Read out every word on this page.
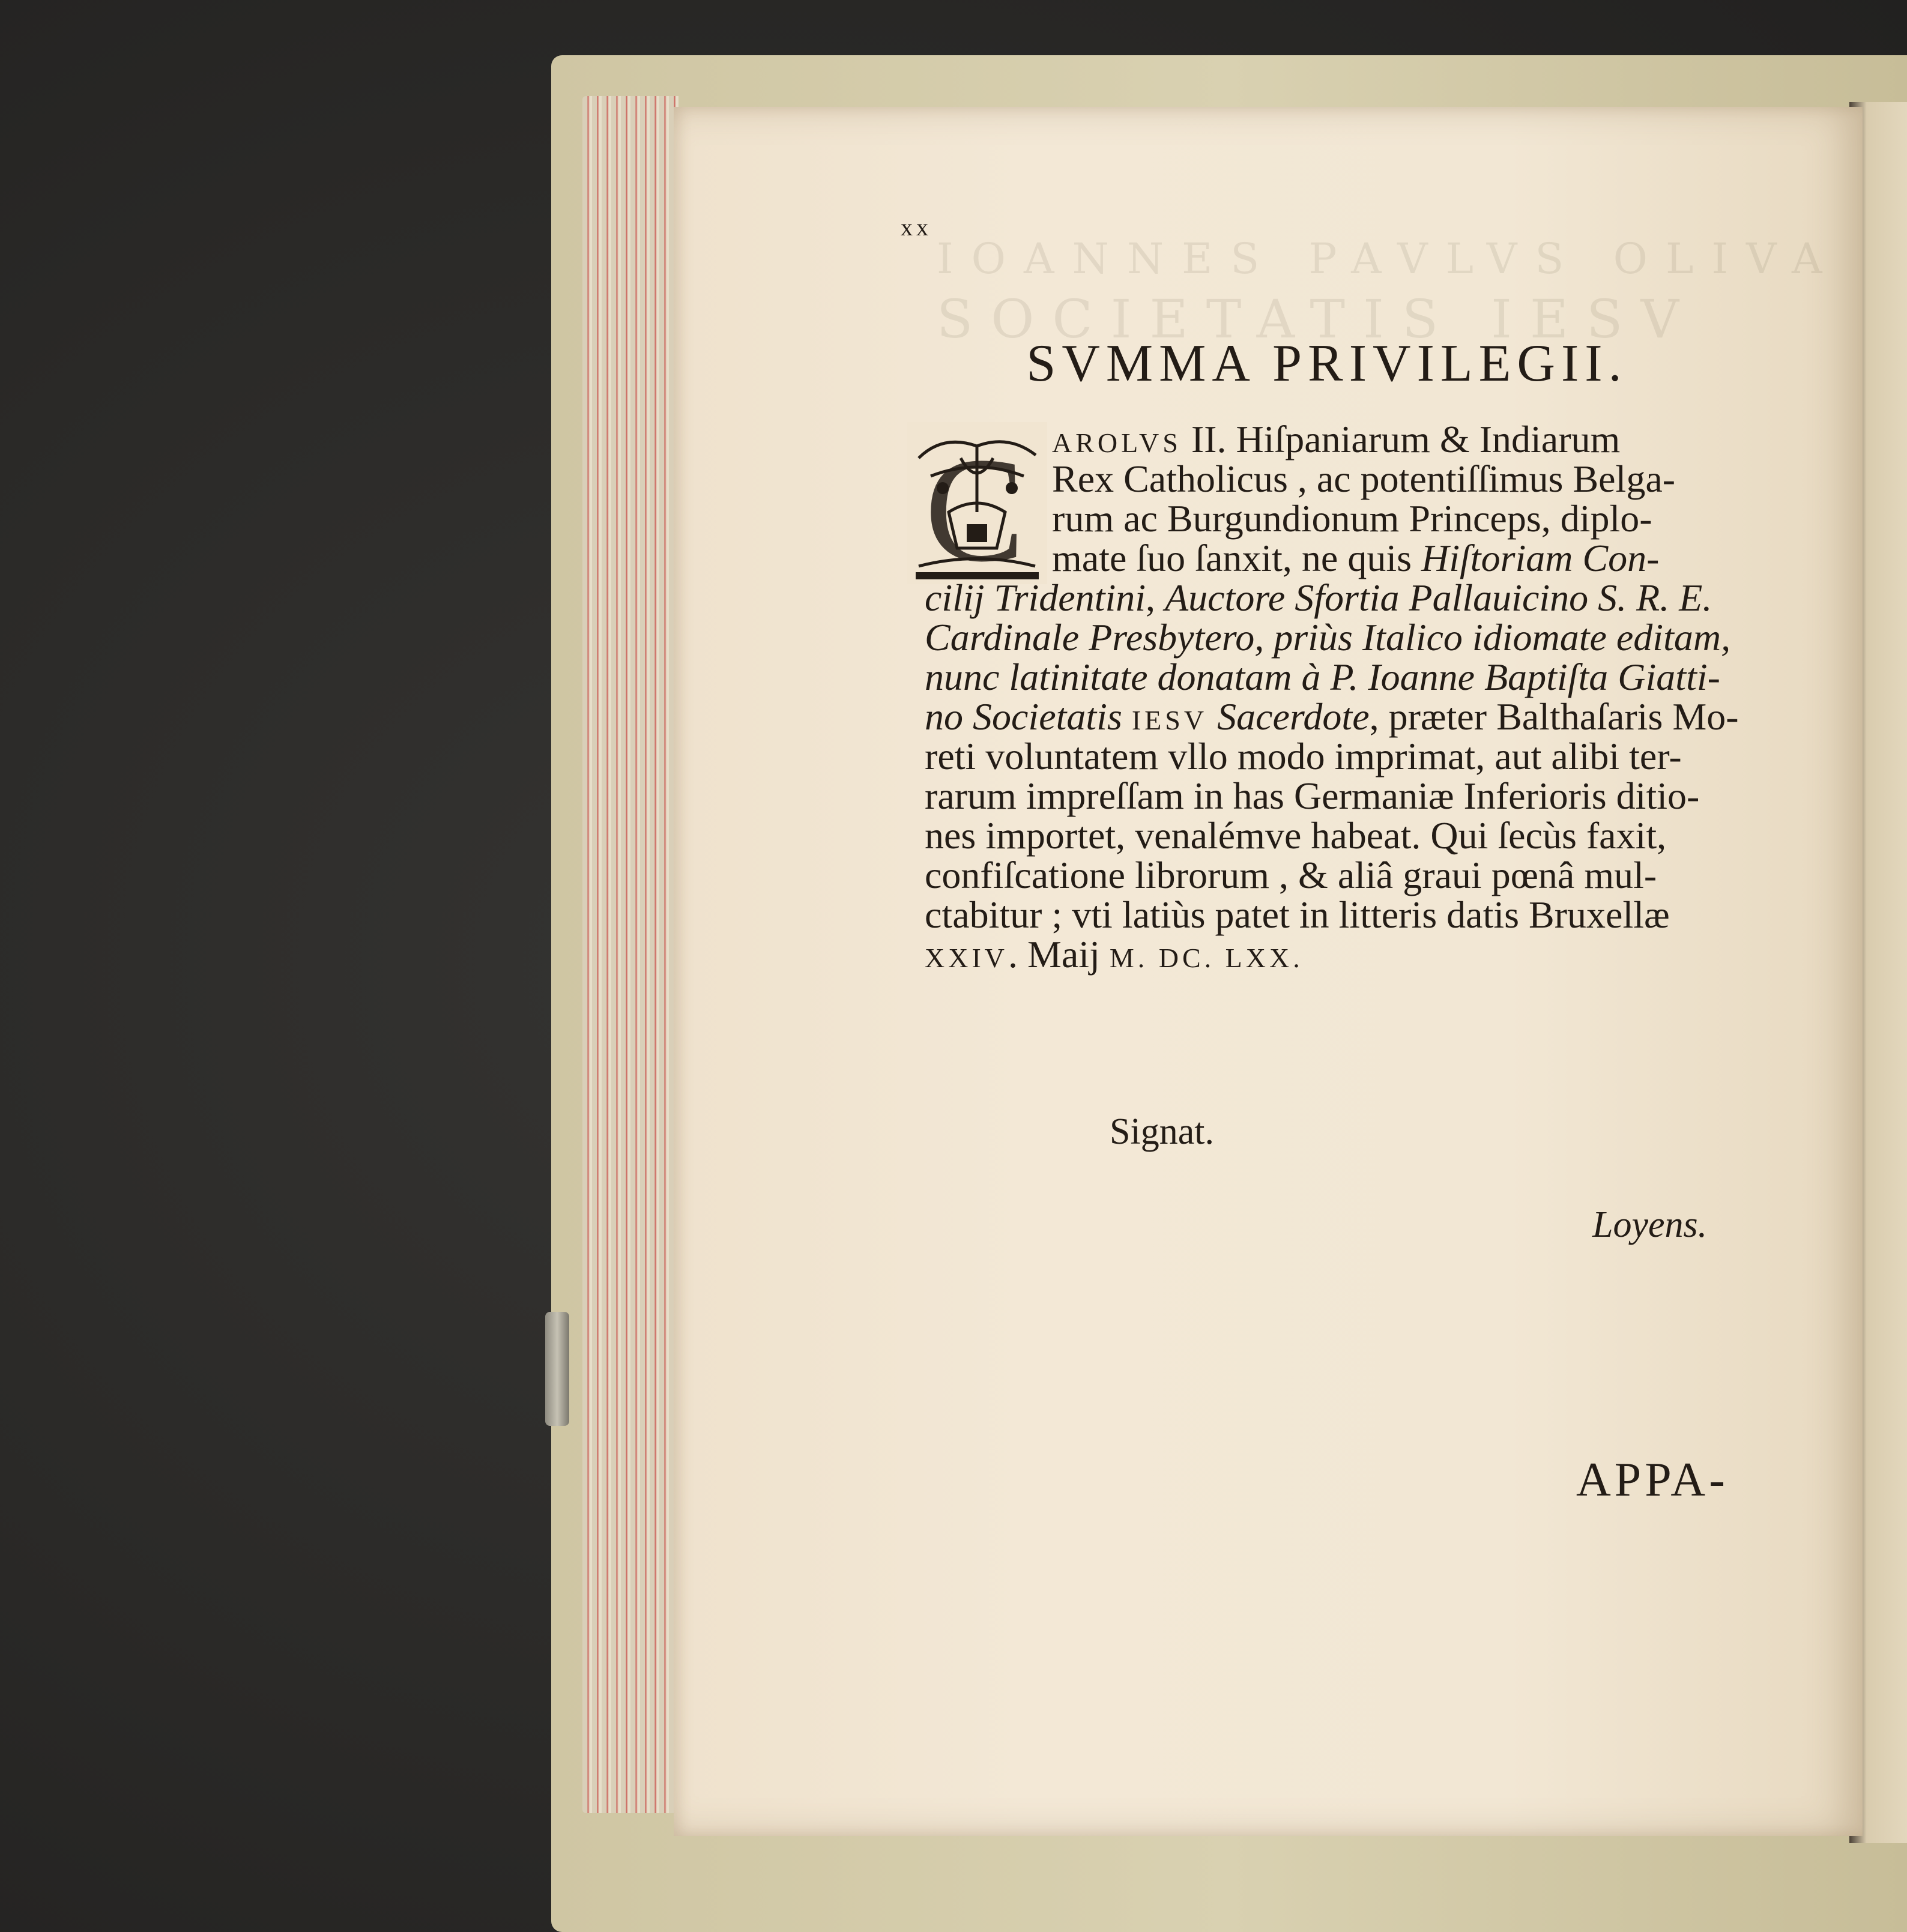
IOANNES PAVLVS OLIVA
SOCIETATIS IESV
xx
SVMMA PRIVILEGII.
C AROLVS II. Hiſpaniarum & Indiarum
Rex Catholicus , ac potentiſſimus Belga-
rum ac Burgundionum Princeps, diplo-
mate ſuo ſanxit, ne quis Hiſtoriam Con-
cilij Tridentini, Auctore Sfortia Pallauicino S. R. E.
Cardinale Presbytero, priùs Italico idiomate editam,
nunc latinitate donatam à P. Ioanne Baptiſta Giatti-
no Societatis IESV Sacerdote, præter Balthaſaris Mo-
reti voluntatem vllo modo imprimat, aut alibi ter-
rarum impreſſam in has Germaniæ Inferioris ditio-
nes importet, venalémve habeat. Qui ſecùs faxit,
confiſcatione librorum , & aliâ graui pœnâ mul-
ctabitur ; vti latiùs patet in litteris datis Bruxellæ
XXIV. Maij M. DC. LXX.
Signat.
Loyens.
APPA-
